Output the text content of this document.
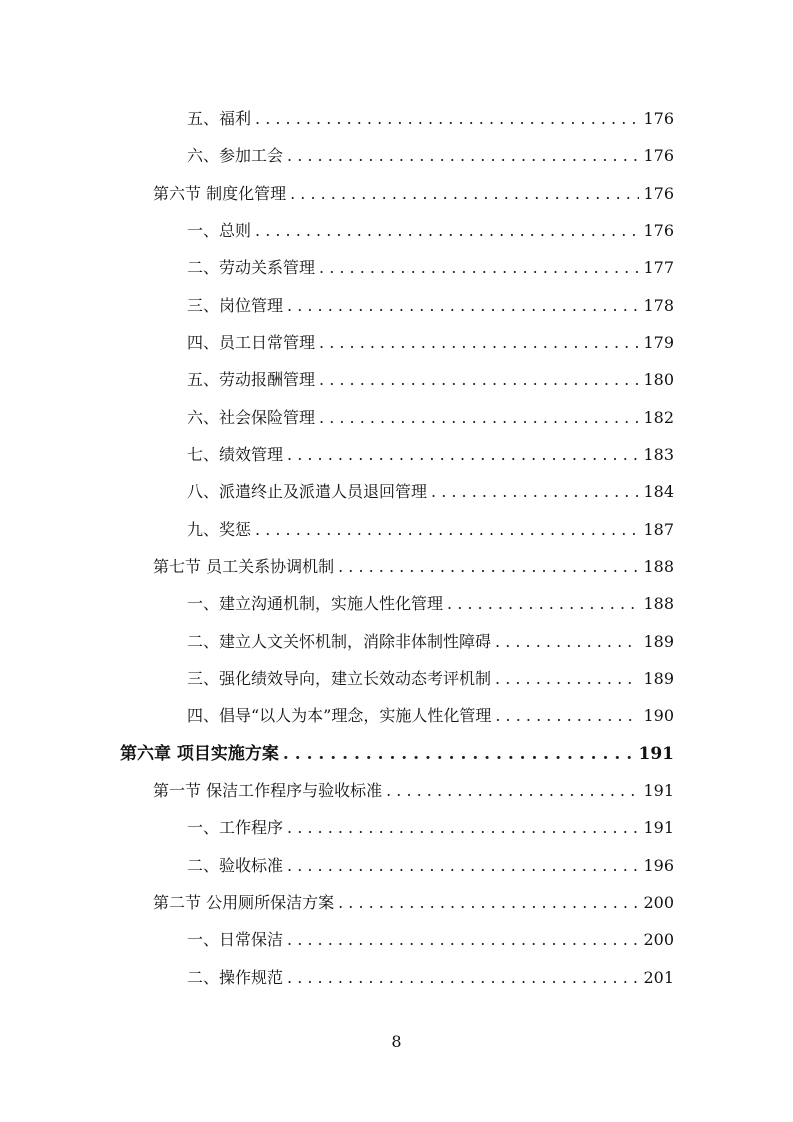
五、福利 . . .	176
六、参加工会 . . .	176
第六节 制度化管理 . . .	176
一、总则 . . .	176
二、劳动关系管理 . . .	177
三、岗位管理 . . .	178
四、员工日常管理 . . .	179
五、劳动报酬管理 . . .	180
六、社会保险管理 . . .	182
七、绩效管理 . . .	183
八、派遣终止及派遣人员退回管理 . . .	184
九、奖惩 . . .	187
第七节 员工关系协调机制 . . .	188
一、建立沟通机制，实施人性化管理 . . .	188
二、建立人文关怀机制，消除非体制性障碍 . . .	189
三、强化绩效导向，建立长效动态考评机制 . . .	189
四、倡导“以人为本”理念，实施人性化管理 . . .	190
第六章 项目实施方案 . . .	191
第一节 保洁工作程序与验收标准 . . .	191
一、工作程序 . . .	191
二、验收标准 . . .	196
第二节 公用厕所保洁方案 . . .	200
一、日常保洁 . . .	200
二、操作规范 . . .	201
8
